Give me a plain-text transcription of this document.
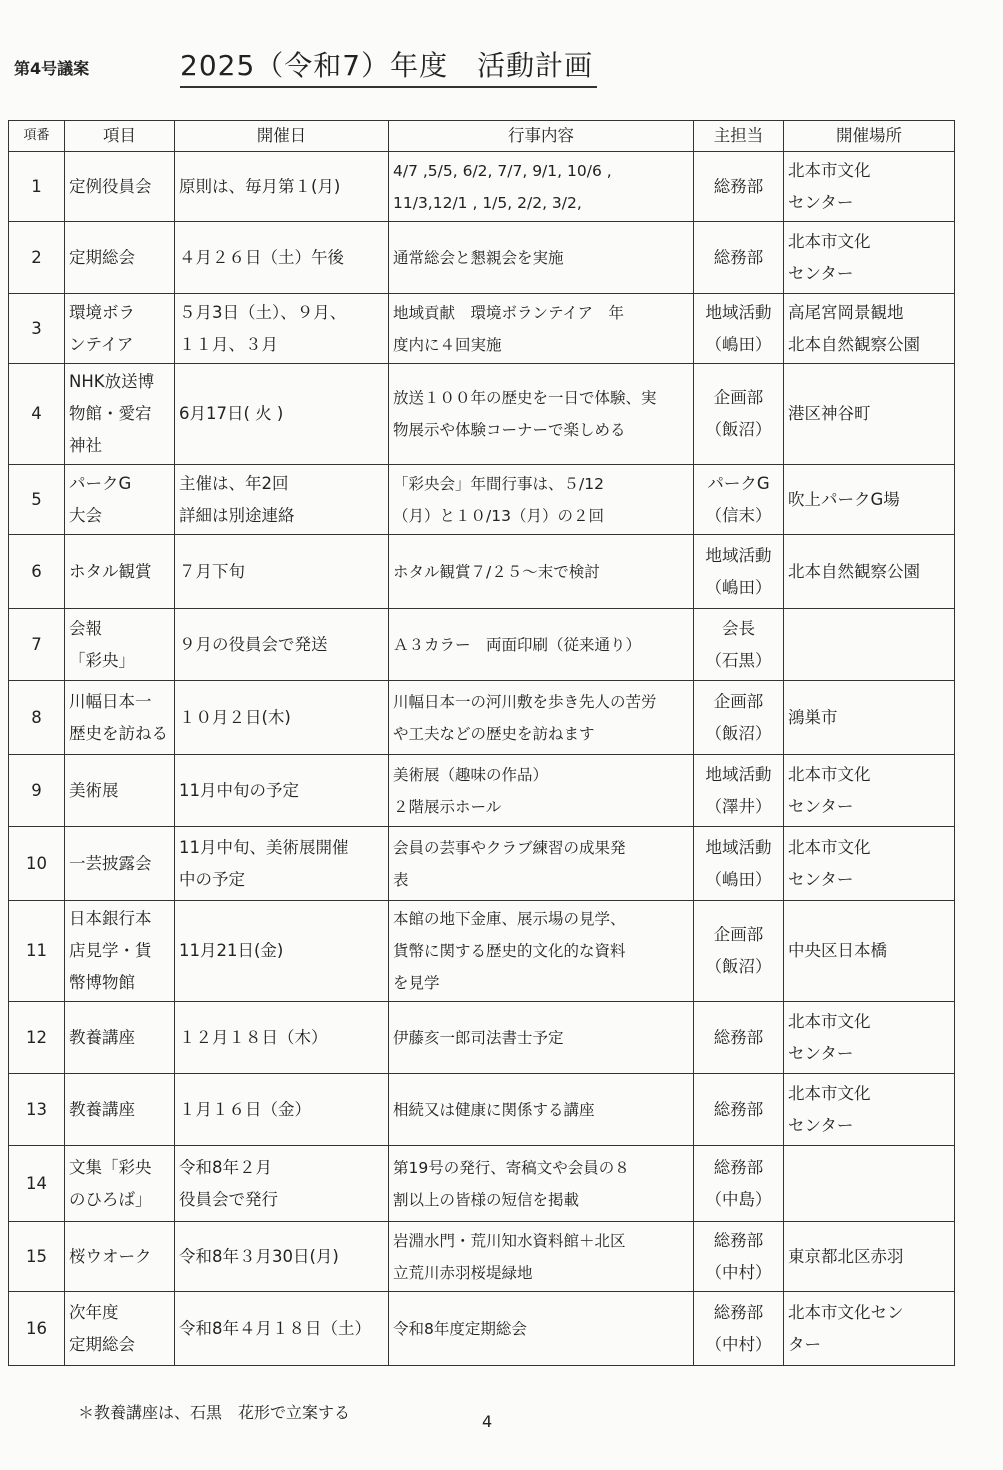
第4号議案	2025（令和7）年度　活動計画
項番	項目	開催日	行事内容	主担当	開催場所
1	定例役員会	原則は、毎月第１(月)	4/7 ,5/5, 6/2, 7/7, 9/1, 10/6 ,
11/3,12/1 , 1/5, 2/2, 3/2,	総務部	北本市文化
センター
2	定期総会	４月２６日（土）午後	通常総会と懇親会を実施	総務部	北本市文化
センター
3	環境ボラ
ンテイア	５月3日（土）、９月、
１１月、３月	地域貢献　環境ボランテイア　年
度内に４回実施	地域活動
（嶋田）	高尾宮岡景観地
北本自然観察公園
4	NHK放送博
物館・愛宕
神社	6月17日( 火 )	放送１００年の歴史を一日で体験、実
物展示や体験コーナーで楽しめる	企画部
（飯沼）	港区神谷町
5	パークG
大会	主催は、年2回
詳細は別途連絡	「彩央会」年間行事は、５/12
（月）と１０/13（月）の２回	パークG
（信末）	吹上パークG場
6	ホタル観賞	７月下旬	ホタル観賞７/２５～末で検討	地域活動
（嶋田）	北本自然観察公園
7	会報
「彩央」	９月の役員会で発送	Ａ３カラー　両面印刷（従来通り）	会長
（石黒）	
8	川幅日本一
歴史を訪ねる	１０月２日(木)	川幅日本一の河川敷を歩き先人の苦労
や工夫などの歴史を訪ねます	企画部
（飯沼）	鴻巣市
9	美術展	11月中旬の予定	美術展（趣味の作品）
２階展示ホール	地域活動
（澤井）	北本市文化
センター
10	一芸披露会	11月中旬、美術展開催
中の予定	会員の芸事やクラブ練習の成果発
表	地域活動
（嶋田）	北本市文化
センター
11	日本銀行本
店見学・貨
幣博物館	11月21日(金)	本館の地下金庫、展示場の見学、
貨幣に関する歴史的文化的な資料
を見学	企画部
（飯沼）	中央区日本橋
12	教養講座	１２月１８日（木）	伊藤亥一郎司法書士予定	総務部	北本市文化
センター
13	教養講座	１月１６日（金）	相続又は健康に関係する講座	総務部	北本市文化
センター
14	文集「彩央
のひろば」	令和8年２月
役員会で発行	第19号の発行、寄稿文や会員の８
割以上の皆様の短信を掲載	総務部
（中島）	
15	桜ウオーク	令和8年３月30日(月)	岩淵水門・荒川知水資料館＋北区
立荒川赤羽桜堤緑地	総務部
（中村）	東京都北区赤羽
16	次年度
定期総会	令和8年４月１８日（土）	令和8年度定期総会	総務部
（中村）	北本市文化セン
ター
＊教養講座は、石黒　花形で立案する	4
